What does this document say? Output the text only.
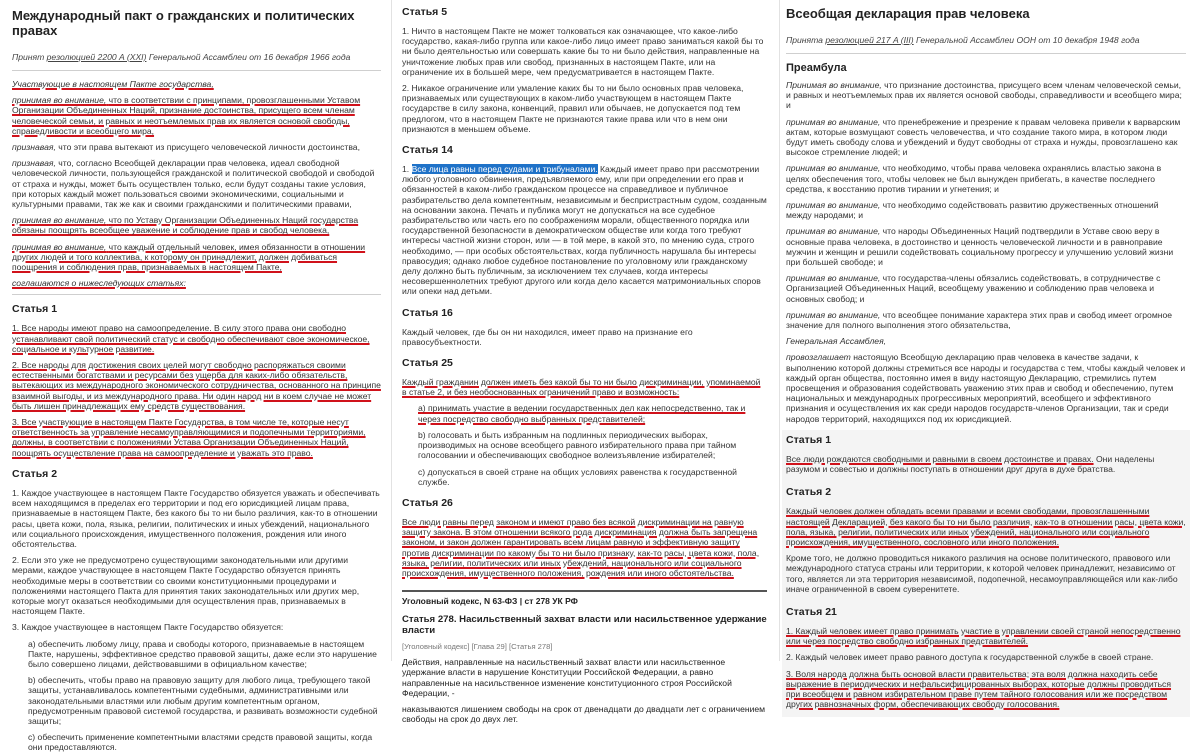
Международный пакт о гражданских и политических правах
Принят резолюцией 2200 A (XXI) Генеральной Ассамблеи от 16 декабря 1966 года
Участвующие в настоящем Пакте государства,
принимая во внимание, что в соответствии с принципами, провозглашенными Уставом Организации Объединенных Наций, признание достоинства, присущего всем членам человеческой семьи, и равных и неотъемлемых прав их является основой свободы, справедливости и всеобщего мира,
признавая, что эти права вытекают из присущего человеческой личности достоинства,
признавая, что, согласно Всеобщей декларации прав человека, идеал свободной человеческой личности, пользующейся гражданской и политической свободой и свободой от страха и нужды, может быть осуществлен только, если будут созданы такие условия, при которых каждый может пользоваться своими экономическими, социальными и культурными правами, так же как и своими гражданскими и политическими правами,
принимая во внимание, что по Уставу Организации Объединенных Наций государства обязаны поощрять всеобщее уважение и соблюдение прав и свобод человека,
принимая во внимание, что каждый отдельный человек, имея обязанности в отношении других людей и того коллектива, к которому он принадлежит, должен добиваться поощрения и соблюдения прав, признаваемых в настоящем Пакте,
соглашаются о нижеследующих статьях:
Статья 1
1. Все народы имеют право на самоопределение. В силу этого права они свободно устанавливают свой политический статус и свободно обеспечивают свое экономическое, социальное и культурное развитие.
2. Все народы для достижения своих целей могут свободно распоряжаться своими естественными богатствами и ресурсами без ущерба для каких-либо обязательств, вытекающих из международного экономического сотрудничества, основанного на принципе взаимной выгоды, и из международного права. Ни один народ ни в коем случае не может быть лишен принадлежащих ему средств существования.
3. Все участвующие в настоящем Пакте Государства, в том числе те, которые несут ответственность за управление несамоуправляющимися и подопечными территориями, должны, в соответствии с положениями Устава Организации Объединенных Наций, поощрять осуществление права на самоопределение и уважать это право.
Статья 2
1. Каждое участвующее в настоящем Пакте Государство обязуется уважать и обеспечивать всем находящимся в пределах его территории и под его юрисдикцией лицам права, признаваемые в настоящем Пакте, без какого бы то ни было различия, как-то в отношении расы, цвета кожи, пола, языка, религии, политических и иных убеждений, национального или социального происхождения, имущественного положения, рождения или иного обстоятельства.
2. Если это уже не предусмотрено существующими законодательными или другими мерами, каждое участвующее в настоящем Пакте Государство обязуется принять необходимые меры в соответствии со своими конституционными процедурами и положениями настоящего Пакта для принятия таких законодательных или других мер, которые могут оказаться необходимыми для осуществления прав, признаваемых в настоящем Пакте.
3. Каждое участвующее в настоящем Пакте Государство обязуется:
a) обеспечить любому лицу, права и свободы которого, признаваемые в настоящем Пакте, нарушены, эффективное средство правовой защиты, даже если это нарушение было совершено лицами, действовавшими в официальном качестве;
b) обеспечить, чтобы право на правовую защиту для любого лица, требующего такой защиты, устанавливалось компетентными судебными, административными или законодательными властями или любым другим компетентным органом, предусмотренным правовой системой государства, и развивать возможности судебной защиты;
c) обеспечить применение компетентными властями средств правовой защиты, когда они предоставляются.
Статья 5
1. Ничто в настоящем Пакте не может толковаться как означающее, что какое-либо государство, какая-либо группа или какое-либо лицо имеет право заниматься какой бы то ни было деятельностью или совершать какие бы то ни было действия, направленные на уничтожение любых прав или свобод, признанных в настоящем Пакте, или на ограничение их в большей мере, чем предусматривается в настоящем Пакте.
2. Никакое ограничение или умаление каких бы то ни было основных прав человека, признаваемых или существующих в каком-либо участвующем в настоящем Пакте государстве в силу закона, конвенций, правил или обычаев, не допускается под тем предлогом, что в настоящем Пакте не признаются такие права или что в нем они признаются в меньшем объеме.
Статья 14
1. Все лица равны перед судами и трибуналами. Каждый имеет право при рассмотрении любого уголовного обвинения, предъявляемого ему, или при определении его прав и обязанностей в каком-либо гражданском процессе на справедливое и публичное разбирательство дела компетентным, независимым и беспристрастным судом, созданным на основании закона. Печать и публика могут не допускаться на все судебное разбирательство или часть его по соображениям морали, общественного порядка или государственной безопасности в демократическом обществе или когда того требуют интересы частной жизни сторон, или — в той мере, в какой это, по мнению суда, строго необходимо, — при особых обстоятельствах, когда публичность нарушала бы интересы правосудия; однако любое судебное постановление по уголовному или гражданскому делу должно быть публичным, за исключением тех случаев, когда интересы несовершеннолетних требуют другого или когда дело касается матримониальных споров или опеки над детьми.
Статья 16
Каждый человек, где бы он ни находился, имеет право на признание его правосубъектности.
Статья 25
Каждый гражданин должен иметь без какой бы то ни было дискриминации, упоминаемой в статье 2, и без необоснованных ограничений право и возможность:
a) принимать участие в ведении государственных дел как непосредственно, так и через посредство свободно выбранных представителей;
b) голосовать и быть избранным на подлинных периодических выборах, производимых на основе всеобщего равного избирательного права при тайном голосовании и обеспечивающих свободное волеизъявление избирателей;
c) допускаться в своей стране на общих условиях равенства к государственной службе.
Статья 26
Все люди равны перед законом и имеют право без всякой дискриминации на равную защиту закона. В этом отношении всякого рода дискриминация должна быть запрещена законом, и закон должен гарантировать всем лицам равную и эффективную защиту против дискриминации по какому бы то ни было признаку, как-то расы, цвета кожи, пола, языка, религии, политических или иных убеждений, национального или социального происхождения, имущественного положения, рождения или иного обстоятельства.
Уголовный кодекс, N 63-ФЗ | ст 278 УК РФ
Статья 278. Насильственный захват власти или насильственное удержание власти
[Уголовный кодекс] [Глава 29] [Статья 278]
Действия, направленные на насильственный захват власти или насильственное удержание власти в нарушение Конституции Российской Федерации, а равно направленные на насильственное изменение конституционного строя Российской Федерации, -
наказываются лишением свободы на срок от двенадцати до двадцати лет с ограничением свободы на срок до двух лет.
Всеобщая декларация прав человека
Принята резолюцией 217 A (III) Генеральной Ассамблеи ООН от 10 декабря 1948 года
Преамбула
Принимая во внимание, что признание достоинства, присущего всем членам человеческой семьи, и равных и неотъемлемых прав их является основой свободы, справедливости и всеобщего мира; и
принимая во внимание, что пренебрежение и презрение к правам человека привели к варварским актам, которые возмущают совесть человечества, и что создание такого мира, в котором люди будут иметь свободу слова и убеждений и будут свободны от страха и нужды, провозглашено как высокое стремление людей; и
принимая во внимание, что необходимо, чтобы права человека охранялись властью закона в целях обеспечения того, чтобы человек не был вынужден прибегать, в качестве последнего средства, к восстанию против тирании и угнетения; и
принимая во внимание, что необходимо содействовать развитию дружественных отношений между народами; и
принимая во внимание, что народы Объединенных Наций подтвердили в Уставе свою веру в основные права человека, в достоинство и ценность человеческой личности и в равноправие мужчин и женщин и решили содействовать социальному прогрессу и улучшению условий жизни при большей свободе; и
принимая во внимание, что государства-члены обязались содействовать, в сотрудничестве с Организацией Объединенных Наций, всеобщему уважению и соблюдению прав человека и основных свобод; и
принимая во внимание, что всеобщее понимание характера этих прав и свобод имеет огромное значение для полного выполнения этого обязательства,
Генеральная Ассамблея,
провозглашает настоящую Всеобщую декларацию прав человека в качестве задачи, к выполнению которой должны стремиться все народы и государства с тем, чтобы каждый человек и каждый орган общества, постоянно имея в виду настоящую Декларацию, стремились путем просвещения и образования содействовать уважению этих прав и свобод и обеспечению, путем национальных и международных прогрессивных мероприятий, всеобщего и эффективного признания и осуществления их как среди народов государств-членов Организации, так и среди народов территорий, находящихся под их юрисдикцией.
Статья 1
Все люди рождаются свободными и равными в своем достоинстве и правах. Они наделены разумом и совестью и должны поступать в отношении друг друга в духе братства.
Статья 2
Каждый человек должен обладать всеми правами и всеми свободами, провозглашенными настоящей Декларацией, без какого бы то ни было различия, как-то в отношении расы, цвета кожи, пола, языка, религии, политических или иных убеждений, национального или социального происхождения, имущественного, сословного или иного положения.
Кроме того, не должно проводиться никакого различия на основе политического, правового или международного статуса страны или территории, к которой человек принадлежит, независимо от того, является ли эта территория независимой, подопечной, несамоуправляющейся или как-либо иначе ограниченной в своем суверенитете.
Статья 21
1. Каждый человек имеет право принимать участие в управлении своей страной непосредственно или через посредство свободно избранных представителей.
2. Каждый человек имеет право равного доступа к государственной службе в своей стране.
3. Воля народа должна быть основой власти правительства; эта воля должна находить себе выражение в периодических и нефальсифицированных выборах, которые должны проводиться при всеобщем и равном избирательном праве путем тайного голосования или же посредством других равнозначных форм, обеспечивающих свободу голосования.
